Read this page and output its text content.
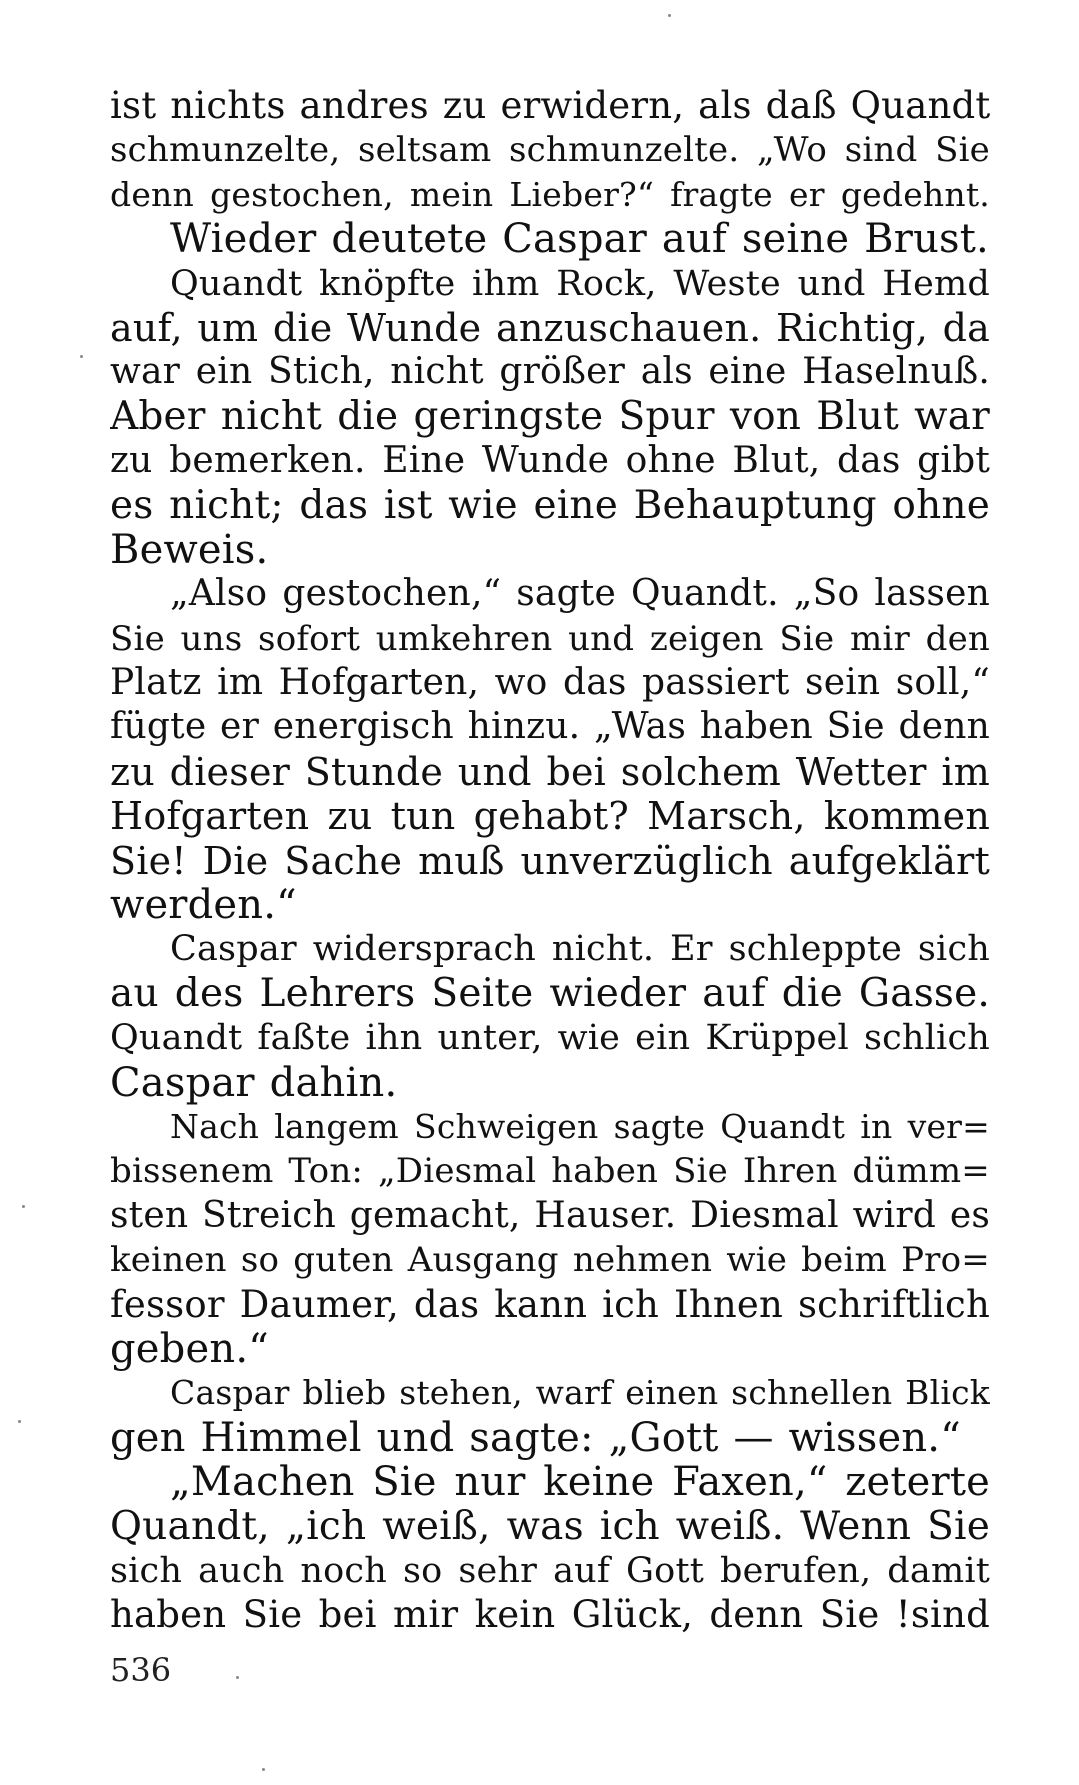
ist nichts andres zu erwidern, als daß Quandt
schmunzelte, seltsam schmunzelte. „Wo sind Sie
denn gestochen, mein Lieber?“ fragte er gedehnt.
Wieder deutete Caspar auf seine Brust.
Quandt knöpfte ihm Rock, Weste und Hemd
auf, um die Wunde anzuschauen. Richtig, da
war ein Stich, nicht größer als eine Haselnuß.
Aber nicht die geringste Spur von Blut war
zu bemerken. Eine Wunde ohne Blut, das gibt
es nicht; das ist wie eine Behauptung ohne
Beweis.
„Also gestochen,“ sagte Quandt. „So lassen
Sie uns sofort umkehren und zeigen Sie mir den
Platz im Hofgarten, wo das passiert sein soll,“
fügte er energisch hinzu. „Was haben Sie denn
zu dieser Stunde und bei solchem Wetter im
Hofgarten zu tun gehabt? Marsch, kommen
Sie! Die Sache muß unverzüglich aufgeklärt
werden.“
Caspar widersprach nicht. Er schleppte sich
au des Lehrers Seite wieder auf die Gasse.
Quandt faßte ihn unter, wie ein Krüppel schlich
Caspar dahin.
Nach langem Schweigen sagte Quandt in ver=
bissenem Ton: „Diesmal haben Sie Ihren dümm=
sten Streich gemacht, Hauser. Diesmal wird es
keinen so guten Ausgang nehmen wie beim Pro=
fessor Daumer, das kann ich Ihnen schriftlich
geben.“
Caspar blieb stehen, warf einen schnellen Blick
gen Himmel und sagte: „Gott — wissen.“
„Machen Sie nur keine Faxen,“ zeterte
Quandt, „ich weiß, was ich weiß. Wenn Sie
sich auch noch so sehr auf Gott berufen, damit
haben Sie bei mir kein Glück, denn Sie !sind
536
